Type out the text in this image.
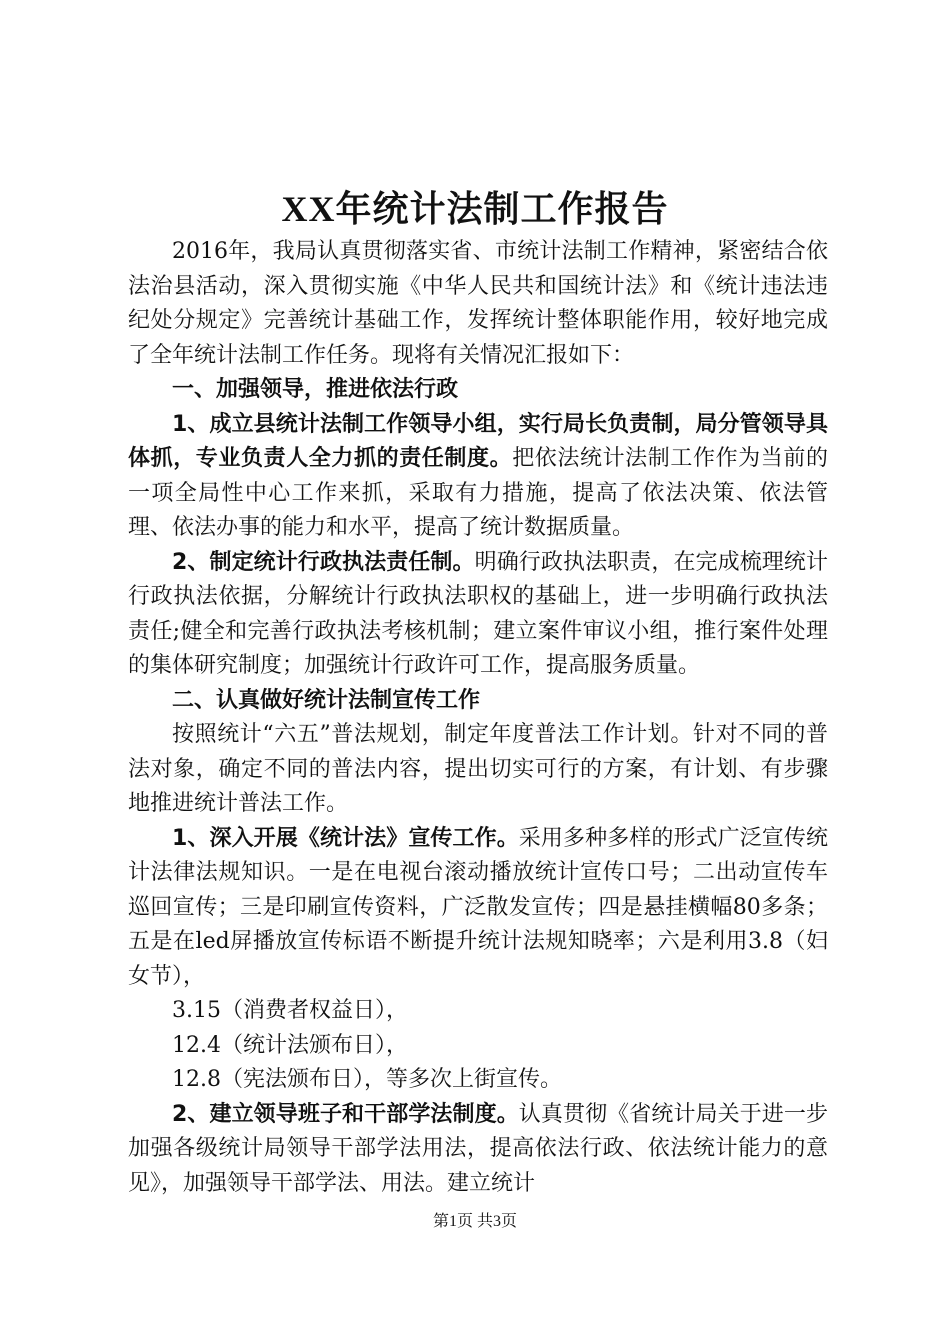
XX年统计法制工作报告

2016年，我局认真贯彻落实省、市统计法制工作精神，紧密结合依法治县活动，深入贯彻实施《中华人民共和国统计法》和《统计违法违纪处分规定》完善统计基础工作，发挥统计整体职能作用，较好地完成了全年统计法制工作任务。现将有关情况汇报如下：

一、加强领导，推进依法行政

1、成立县统计法制工作领导小组，实行局长负责制，局分管领导具体抓，专业负责人全力抓的责任制度。把依法统计法制工作作为当前的一项全局性中心工作来抓，采取有力措施，提高了依法决策、依法管理、依法办事的能力和水平，提高了统计数据质量。

2、制定统计行政执法责任制。明确行政执法职责，在完成梳理统计行政执法依据，分解统计行政执法职权的基础上，进一步明确行政执法责任;健全和完善行政执法考核机制；建立案件审议小组，推行案件处理的集体研究制度；加强统计行政许可工作，提高服务质量。

二、认真做好统计法制宣传工作

按照统计“六五”普法规划，制定年度普法工作计划。针对不同的普法对象，确定不同的普法内容，提出切实可行的方案，有计划、有步骤地推进统计普法工作。

1、深入开展《统计法》宣传工作。采用多种多样的形式广泛宣传统计法律法规知识。一是在电视台滚动播放统计宣传口号；二出动宣传车巡回宣传；三是印刷宣传资料，广泛散发宣传；四是悬挂横幅80多条；五是在led屏播放宣传标语不断提升统计法规知晓率；六是利用3.8（妇女节），

3.15（消费者权益日），

12.4（统计法颁布日），

12.8（宪法颁布日），等多次上街宣传。

2、建立领导班子和干部学法制度。认真贯彻《省统计局关于进一步加强各级统计局领导干部学法用法，提高依法行政、依法统计能力的意见》，加强领导干部学法、用法。建立统计

第1页 共3页
